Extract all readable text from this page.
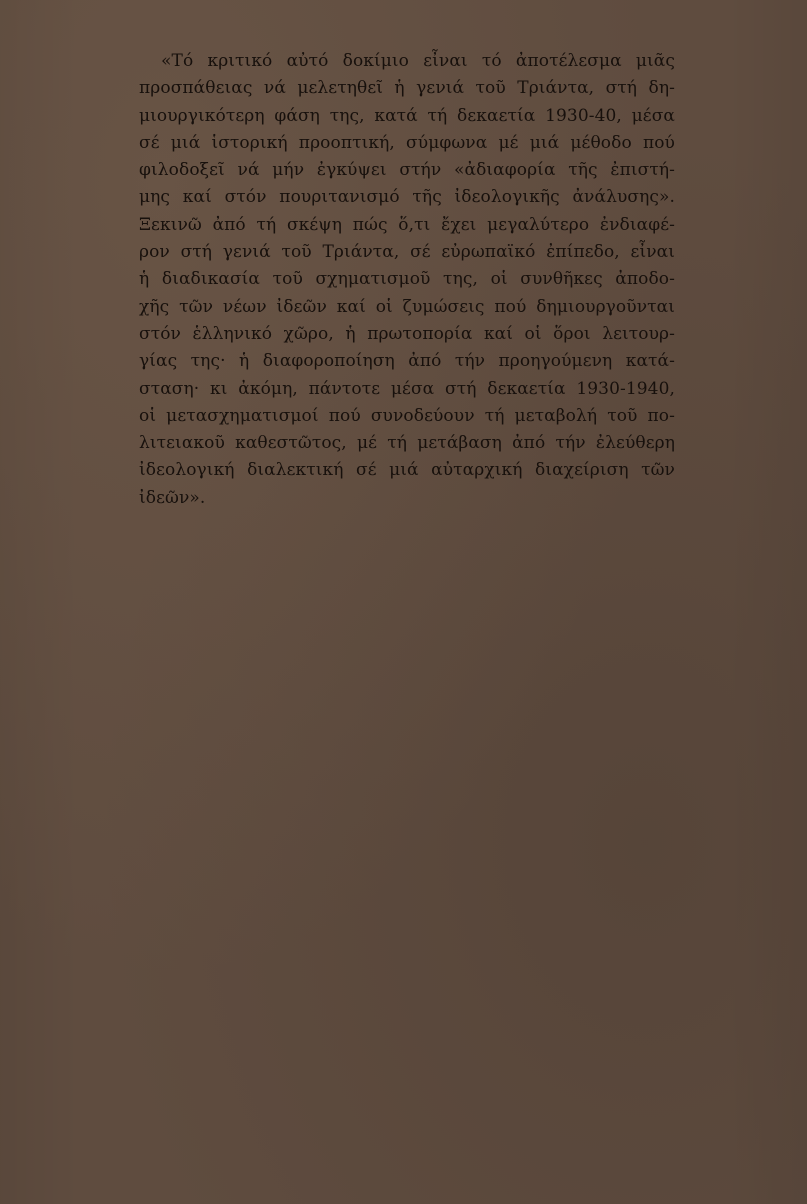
«Τό κριτικό αὐτό δοκίμιο εἶναι τό ἀποτέλεσμα μιᾶς
προσπάθειας νά μελετηθεῖ ἡ γενιά τοῦ Τριάντα, στή δη-
μιουργικότερη φάση της, κατά τή δεκαετία 1930-40, μέσα
σέ μιά ἱστορική προοπτική, σύμφωνα μέ μιά μέθοδο πού
φιλοδοξεῖ νά μήν ἐγκύψει στήν «ἀδιαφορία τῆς ἐπιστή-
μης καί στόν πουριτανισμό τῆς ἰδεολογικῆς ἀνάλυσης».
Ξεκινῶ ἀπό τή σκέψη πώς ὅ,τι ἔχει μεγαλύτερο ἐνδιαφέ-
ρον στή γενιά τοῦ Τριάντα, σέ εὐρωπαϊκό ἐπίπεδο, εἶναι
ἡ διαδικασία τοῦ σχηματισμοῦ της, οἱ συνθῆκες ἀποδο-
χῆς τῶν νέων ἰδεῶν καί οἱ ζυμώσεις πού δημιουργοῦνται
στόν ἑλληνικό χῶρο, ἡ πρωτοπορία καί οἱ ὅροι λειτουρ-
γίας της· ἡ διαφοροποίηση ἀπό τήν προηγούμενη κατά-
σταση· κι ἀκόμη, πάντοτε μέσα στή δεκαετία 1930-1940,
οἱ μετασχηματισμοί πού συνοδεύουν τή μεταβολή τοῦ πο-
λιτειακοῦ καθεστῶτος, μέ τή μετάβαση ἀπό τήν ἐλεύθερη
ἰδεολογική διαλεκτική σέ μιά αὐταρχική διαχείριση τῶν
ἰδεῶν».
